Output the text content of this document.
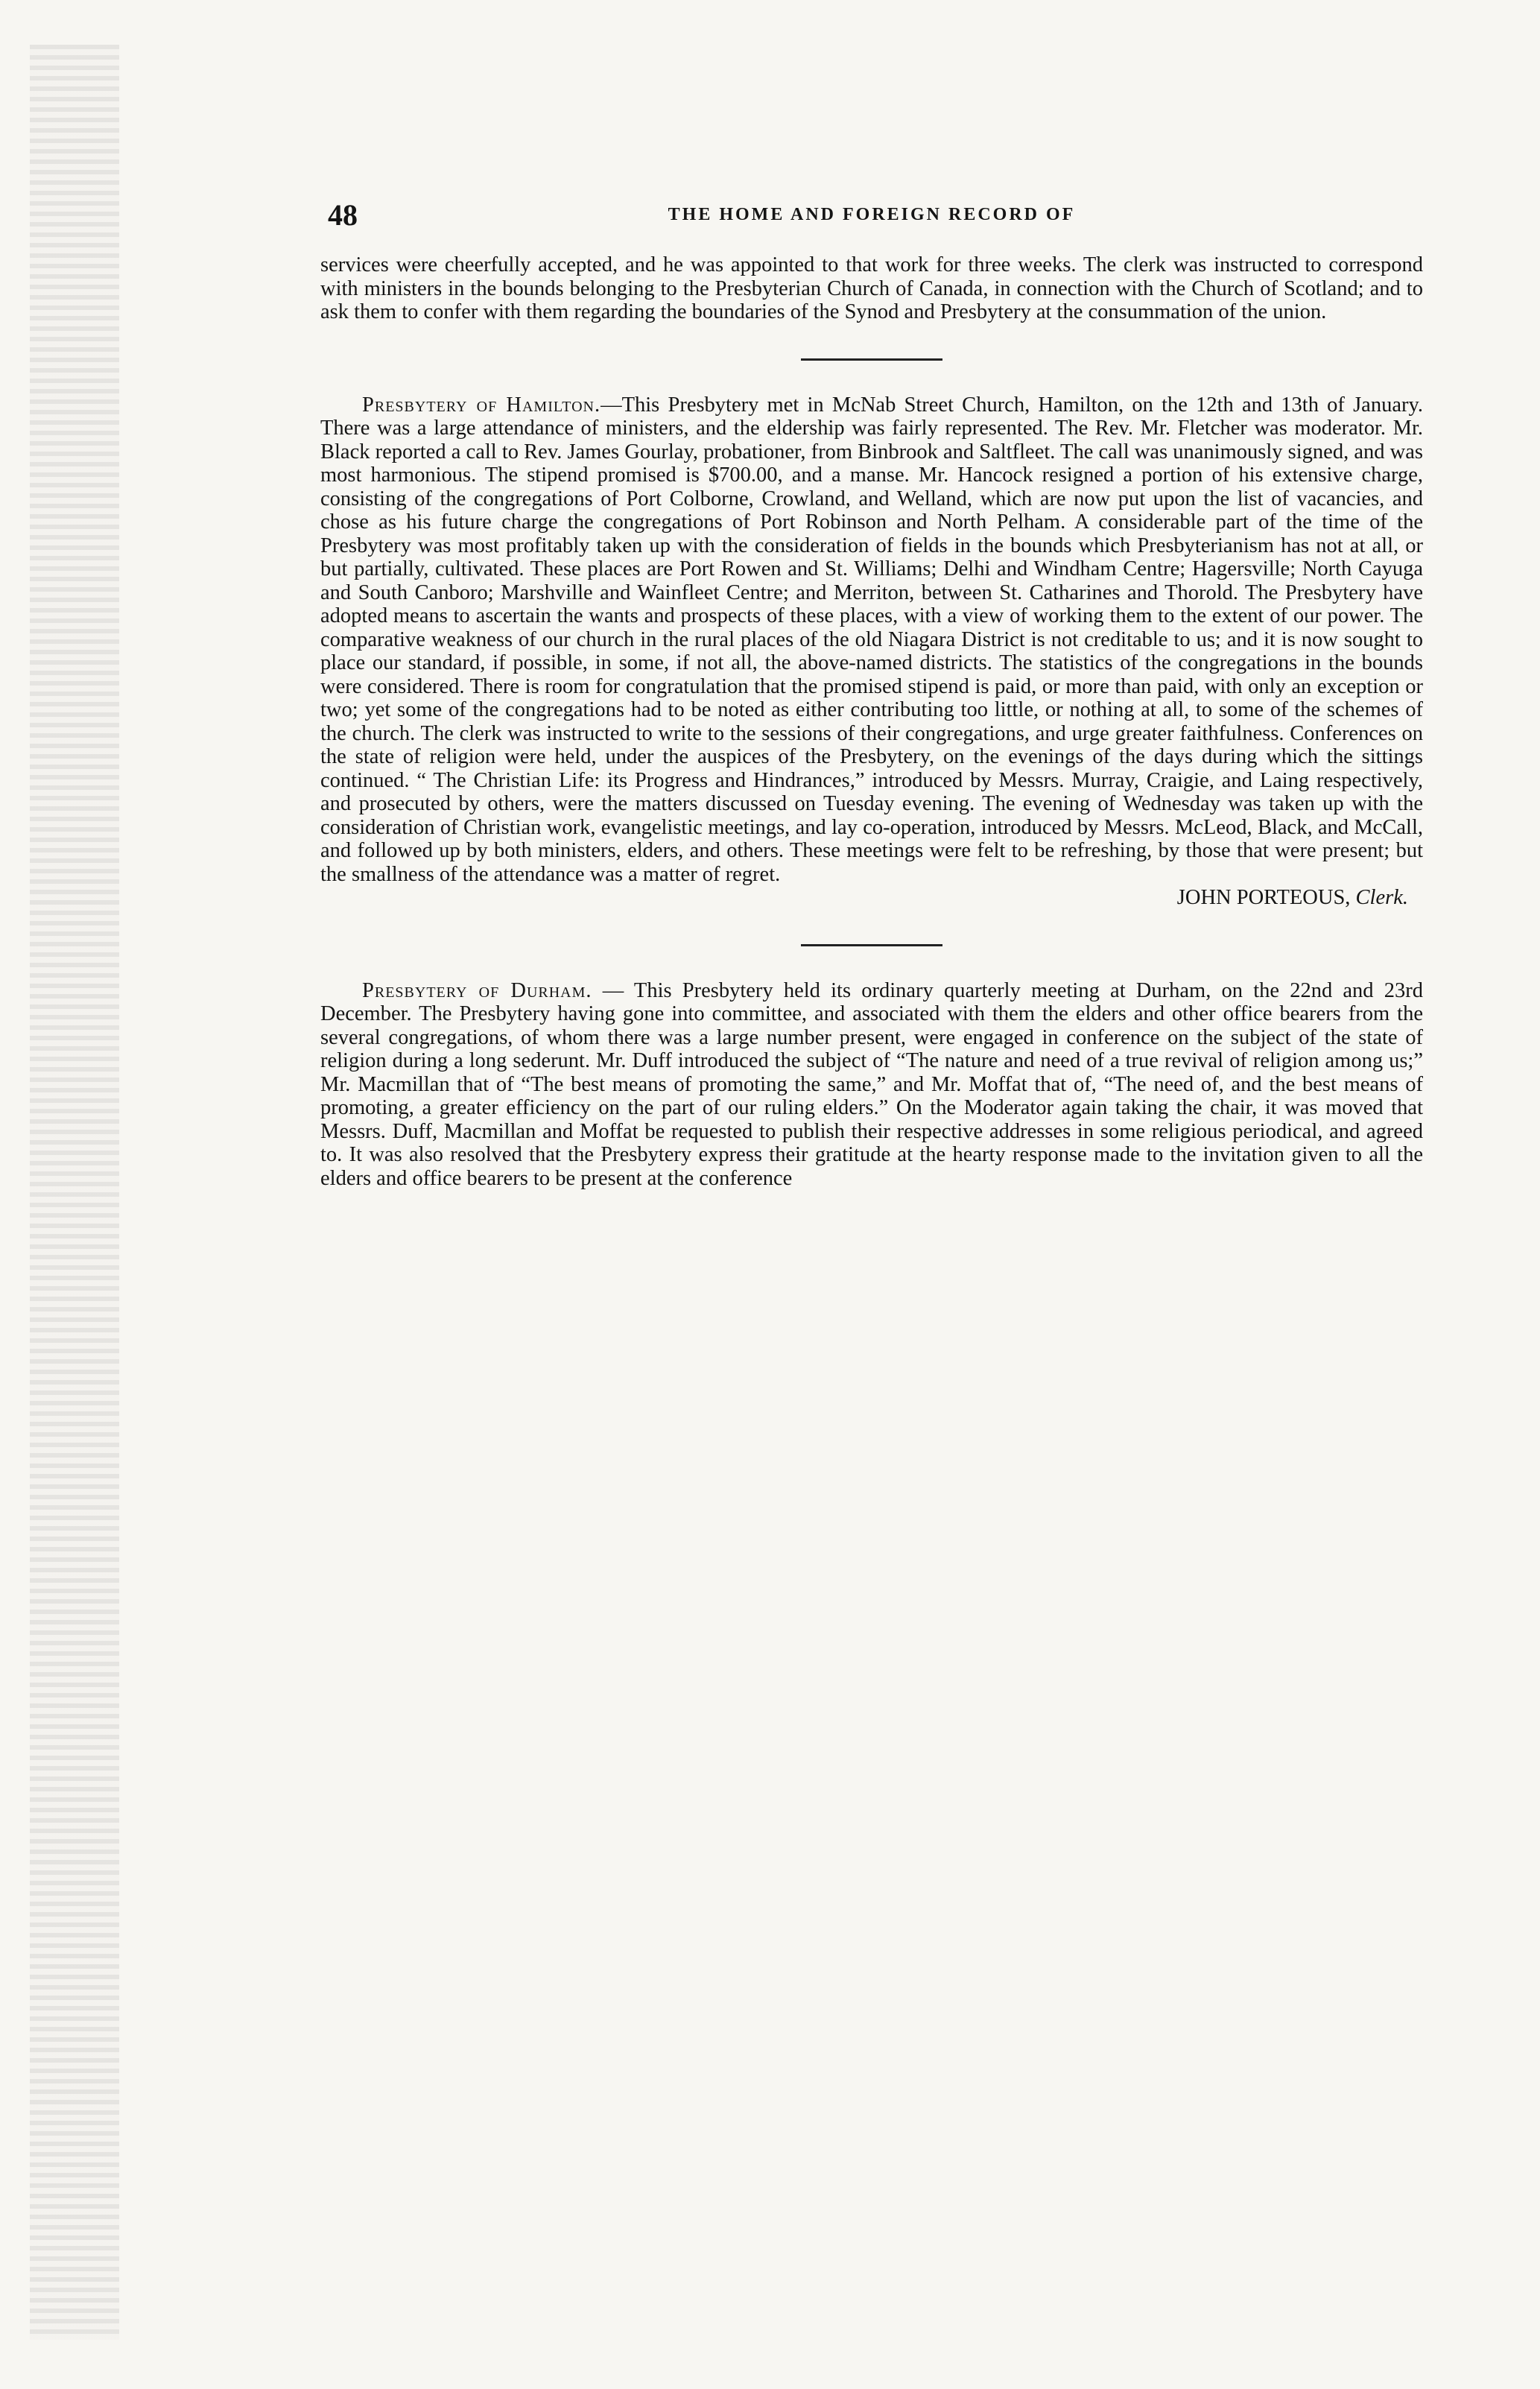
48	THE HOME AND FOREIGN RECORD OF

services were cheerfully accepted, and he was appointed to that work for three weeks. The clerk was instructed to correspond with ministers in the bounds belonging to the Presbyterian Church of Canada, in connection with the Church of Scotland; and to ask them to confer with them regarding the boundaries of the Synod and Presbytery at the consummation of the union.

Presbytery of Hamilton.—This Presbytery met in McNab Street Church, Hamilton, on the 12th and 13th of January. There was a large attendance of ministers, and the eldership was fairly represented. The Rev. Mr. Fletcher was moderator. Mr. Black reported a call to Rev. James Gourlay, probationer, from Binbrook and Saltfleet. The call was unanimously signed, and was most harmonious. The stipend promised is $700.00, and a manse. Mr. Hancock resigned a portion of his extensive charge, consisting of the congregations of Port Colborne, Crowland, and Welland, which are now put upon the list of vacancies, and chose as his future charge the congregations of Port Robinson and North Pelham. A considerable part of the time of the Presbytery was most profitably taken up with the consideration of fields in the bounds which Presbyterianism has not at all, or but partially, cultivated. These places are Port Rowen and St. Williams; Delhi and Windham Centre; Hagersville; North Cayuga and South Canboro; Marshville and Wainfleet Centre; and Merriton, between St. Catharines and Thorold. The Presbytery have adopted means to ascertain the wants and prospects of these places, with a view of working them to the extent of our power. The comparative weakness of our church in the rural places of the old Niagara District is not creditable to us; and it is now sought to place our standard, if possible, in some, if not all, the above-named districts. The statistics of the congregations in the bounds were considered. There is room for congratulation that the promised stipend is paid, or more than paid, with only an exception or two; yet some of the congregations had to be noted as either contributing too little, or nothing at all, to some of the schemes of the church. The clerk was instructed to write to the sessions of their congregations, and urge greater faithfulness. Conferences on the state of religion were held, under the auspices of the Presbytery, on the evenings of the days during which the sittings continued. “ The Christian Life: its Progress and Hindrances,” introduced by Messrs. Murray, Craigie, and Laing respectively, and prosecuted by others, were the matters discussed on Tuesday evening. The evening of Wednesday was taken up with the consideration of Christian work, evangelistic meetings, and lay co-operation, introduced by Messrs. McLeod, Black, and McCall, and followed up by both ministers, elders, and others. These meetings were felt to be refreshing, by those that were present; but the smallness of the attendance was a matter of regret.

JOHN PORTEOUS, Clerk.

Presbytery of Durham. — This Presbytery held its ordinary quarterly meeting at Durham, on the 22nd and 23rd December. The Presbytery having gone into committee, and associated with them the elders and other office bearers from the several congregations, of whom there was a large number present, were engaged in conference on the subject of the state of religion during a long sederunt. Mr. Duff introduced the subject of “The nature and need of a true revival of religion among us;” Mr. Macmillan that of “The best means of promoting the same,” and Mr. Moffat that of, “The need of, and the best means of promoting, a greater efficiency on the part of our ruling elders.” On the Moderator again taking the chair, it was moved that Messrs. Duff, Macmillan and Moffat be requested to publish their respective addresses in some religious periodical, and agreed to. It was also resolved that the Presbytery express their gratitude at the hearty response made to the invitation given to all the elders and office bearers to be present at the conference
